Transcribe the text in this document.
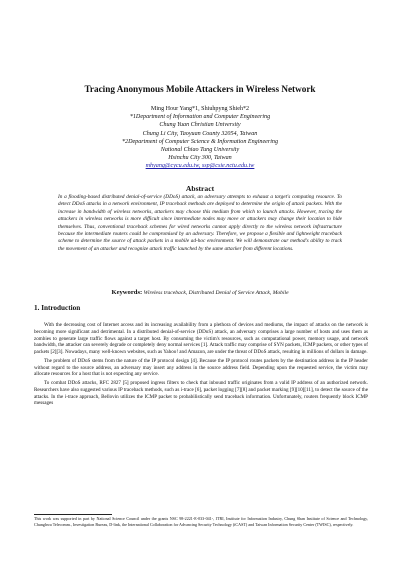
Tracing Anonymous Mobile Attackers in Wireless Network
Ming Hour Yang*1, Shiuhpyng Shieh*2
*1Department of Information and Computer Engineering
Chung Yuan Christian University
Chung Li City, Taoyuan County 32054, Taiwan
*2Department of Computer Science & Information Engineering
National Chiao Tung University
Hsinchu City 300, Taiwan
mhyang@cycu.edu.tw, ssp@csie.nctu.edu.tw
Abstract
In a flooding-based distributed denial-of-service (DDoS) attack, an adversary attempts to exhaust a target's computing resource. To detect DDoS attacks in a network environment, IP traceback methods are deployed to determine the origin of attack packets. With the increase in bandwidth of wireless networks, attackers may choose this medium from which to launch attacks. However, tracing the attackers in wireless networks is more difficult since intermediate nodes may move or attackers may change their location to hide themselves. Thus, conventional traceback schemes for wired networks cannot apply directly to the wireless network infrastructure because the intermediate routers could be compromised by an adversary. Therefore, we propose a flexible and lightweight traceback scheme to determine the source of attack packets in a mobile ad-hoc environment. We will demonstrate our method's ability to track the movement of an attacker and recognize attack traffic launched by the same attacker from different locations.
Keywords: Wireless traceback, Distributed Denial of Service Attack, Mobile
1. Introduction

With the decreasing cost of Internet access and its increasing availability from a plethora of devices and mediums, the impact of attacks on the network is becoming more significant and detrimental. In a distributed denial-of-service (DDoS) attack, an adversary comprises a large number of hosts and uses them as zombies to generate large traffic flows against a target host. By consuming the victim's resources, such as computational power, memory usage, and network bandwidth, the attacker can severely degrade or completely deny normal services [1]. Attack traffic may comprise of SYN packets, ICMP packets, or other types of packets [2][3]. Nowadays, many well-known websites, such as Yahoo! and Amazon, are under the threat of DDoS attack, resulting in millions of dollars in damage.

The problem of DDoS stems from the nature of the IP protocol design [4]. Because the IP protocol routes packets by the destination address in the IP header without regard to the source address, an adversary may insert any address in the source address field. Depending upon the requested service, the victim may allocate resources for a host that is not expecting any service.

To combat DDoS attacks, RFC 2827 [5] proposed ingress filters to check that inbound traffic originates from a valid IP address of an authorized network. Researchers have also suggested various IP traceback methods, such as i-trace [6], packet logging [7][8] and packet marking [9][10][11], to detect the source of the attacks. In the i-trace approach, Bellovin utilizes the ICMP packet to probabilistically send traceback information. Unfortunately, routers frequently block ICMP messages

This work was supported in part by National Science Council under the grants NSC 98-2221-E-033-041-, ITRI, Institute for Information Industry, Chung Shan Institute of Science and Technology, Chunghwa Telecomm., Investigation Bureau, D-link, the International Collaboration for Advancing Security Technology (iCAST) and Taiwan Information Security Center (TWISC), respectively.
